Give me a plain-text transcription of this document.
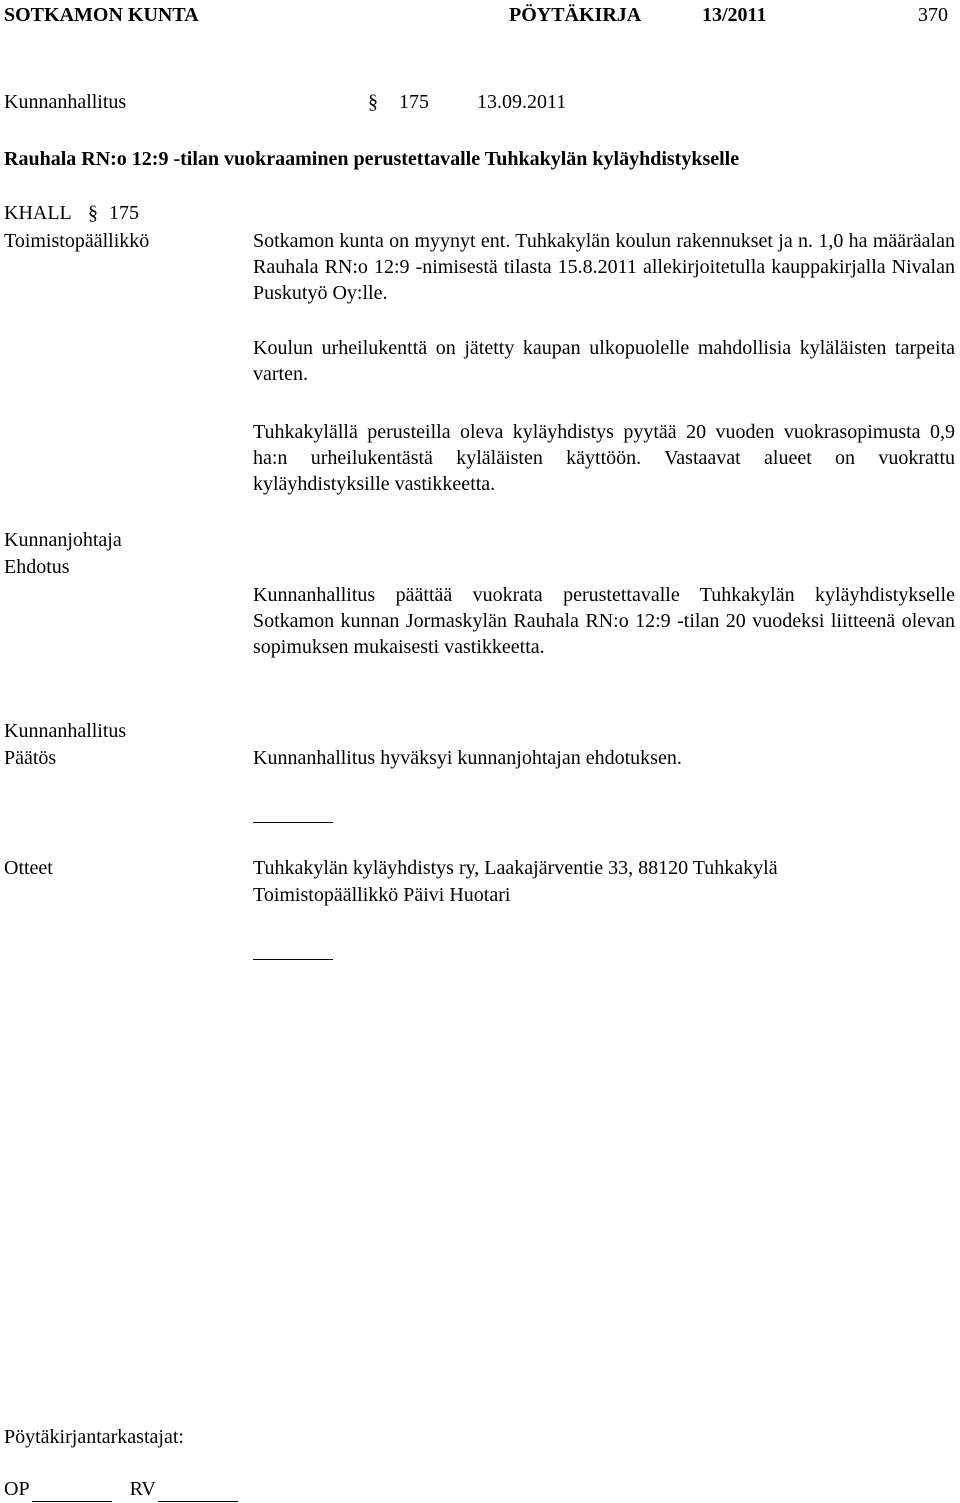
SOTKAMON KUNTA	PÖYTÄKIRJA	13/2011	370
Kunnanhallitus	§ 175 13.09.2011
Rauhala RN:o 12:9 -tilan vuokraaminen perustettavalle Tuhkakylän kyläyhdistykselle
KHALL § 175
Toimistopäällikkö	Sotkamon kunta on myynyt ent. Tuhkakylän koulun rakennukset ja n. 1,0 ha määräalan Rauhala RN:o 12:9 -nimisestä tilasta 15.8.2011 allekirjoitetulla kauppakirjalla Nivalan Puskutyö Oy:lle.
Koulun urheilukenttä on jätetty kaupan ulkopuolelle mahdollisia kyläläisten tarpeita varten.
Tuhkakylällä perusteilla oleva kyläyhdistys pyytää 20 vuoden vuokrasopimusta 0,9 ha:n urheilukentästä kyläläisten käyttöön. Vastaavat alueet on vuokrattu kyläyhdistyksille vastikkeetta.
Kunnanjohtaja
Ehdotus
Kunnanhallitus päättää vuokrata perustettavalle Tuhkakylän kyläyhdistykselle Sotkamon kunnan Jormaskylän Rauhala RN:o 12:9 -tilan 20 vuodeksi liitteenä olevan sopimuksen mukaisesti vastikkeetta.
Kunnanhallitus
Päätös	Kunnanhallitus hyväksyi kunnanjohtajan ehdotuksen.
Otteet	Tuhkakylän kyläyhdistys ry, Laakajärventie 33, 88120 Tuhkakylä
Toimistopäällikkö Päivi Huotari
Pöytäkirjantarkastajat:
OP	RV
